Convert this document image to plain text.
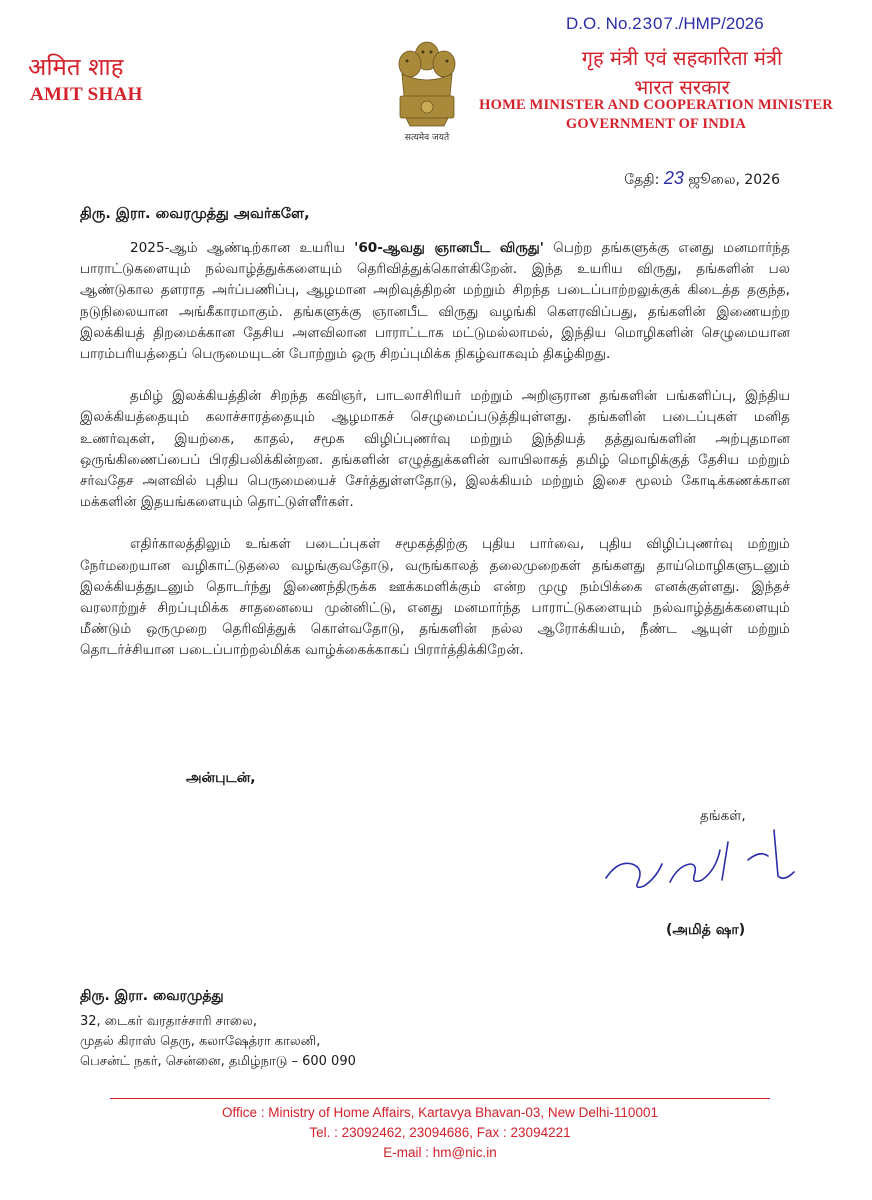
अमित शाह
AMIT SHAH
सत्यमेव जयते
D.O. No.2307./HMP/2026
गृह मंत्री एवं सहकारिता मंत्री
भारत सरकार
HOME MINISTER AND COOPERATION MINISTER
GOVERNMENT OF INDIA
தேதி: 23 ஜூலை, 2026
திரு. இரா. வைரமுத்து அவர்களே,

2025-ஆம் ஆண்டிற்கான உயரிய '60-ஆவது ஞானபீட விருது' பெற்ற தங்களுக்கு எனது மனமார்ந்த பாராட்டுகளையும் நல்வாழ்த்துக்களையும் தெரிவித்துக்கொள்கிறேன். இந்த உயரிய விருது, தங்களின் பல ஆண்டுகால தளராத அர்ப்பணிப்பு, ஆழமான அறிவுத்திறன் மற்றும் சிறந்த படைப்பாற்றலுக்குக் கிடைத்த தகுந்த, நடுநிலையான அங்கீகாரமாகும். தங்களுக்கு ஞானபீட விருது வழங்கி கௌரவிப்பது, தங்களின் இணையற்ற இலக்கியத் திறமைக்கான தேசிய அளவிலான பாராட்டாக மட்டுமல்லாமல், இந்திய மொழிகளின் செழுமையான பாரம்பரியத்தைப் பெருமையுடன் போற்றும் ஒரு சிறப்புமிக்க நிகழ்வாகவும் திகழ்கிறது.

தமிழ் இலக்கியத்தின் சிறந்த கவிஞர், பாடலாசிரியர் மற்றும் அறிஞரான தங்களின் பங்களிப்பு, இந்திய இலக்கியத்தையும் கலாச்சாரத்தையும் ஆழமாகச் செழுமைப்படுத்தியுள்ளது. தங்களின் படைப்புகள் மனித உணர்வுகள், இயற்கை, காதல், சமூக விழிப்புணர்வு மற்றும் இந்தியத் தத்துவங்களின் அற்புதமான ஒருங்கிணைப்பைப் பிரதிபலிக்கின்றன. தங்களின் எழுத்துக்களின் வாயிலாகத் தமிழ் மொழிக்குத் தேசிய மற்றும் சர்வதேச அளவில் புதிய பெருமையைச் சேர்த்துள்ளதோடு, இலக்கியம் மற்றும் இசை மூலம் கோடிக்கணக்கான மக்களின் இதயங்களையும் தொட்டுள்ளீர்கள்.

எதிர்காலத்திலும் உங்கள் படைப்புகள் சமூகத்திற்கு புதிய பார்வை, புதிய விழிப்புணர்வு மற்றும் நேர்மறையான வழிகாட்டுதலை வழங்குவதோடு, வருங்காலத் தலைமுறைகள் தங்களது தாய்மொழிகளுடனும் இலக்கியத்துடனும் தொடர்ந்து இணைந்திருக்க ஊக்கமளிக்கும் என்ற முழு நம்பிக்கை எனக்குள்ளது. இந்தச் வரலாற்றுச் சிறப்புமிக்க சாதனையை முன்னிட்டு, எனது மனமார்ந்த பாராட்டுகளையும் நல்வாழ்த்துக்களையும் மீண்டும் ஒருமுறை தெரிவித்துக் கொள்வதோடு, தங்களின் நல்ல ஆரோக்கியம், நீண்ட ஆயுள் மற்றும் தொடர்ச்சியான படைப்பாற்றல்மிக்க வாழ்க்கைக்காகப் பிரார்த்திக்கிறேன்.

அன்புடன்,
தங்கள்,
(அமித் ஷா)
திரு. இரா. வைரமுத்து
32, டைகர் வரதாச்சாரி சாலை,
முதல் கிராஸ் தெரு, கலாஷேத்ரா காலனி,
பெசன்ட் நகர், சென்னை, தமிழ்நாடு – 600 090
Office : Ministry of Home Affairs, Kartavya Bhavan-03, New Delhi-110001
Tel. : 23092462, 23094686, Fax : 23094221
E-mail : hm@nic.in
